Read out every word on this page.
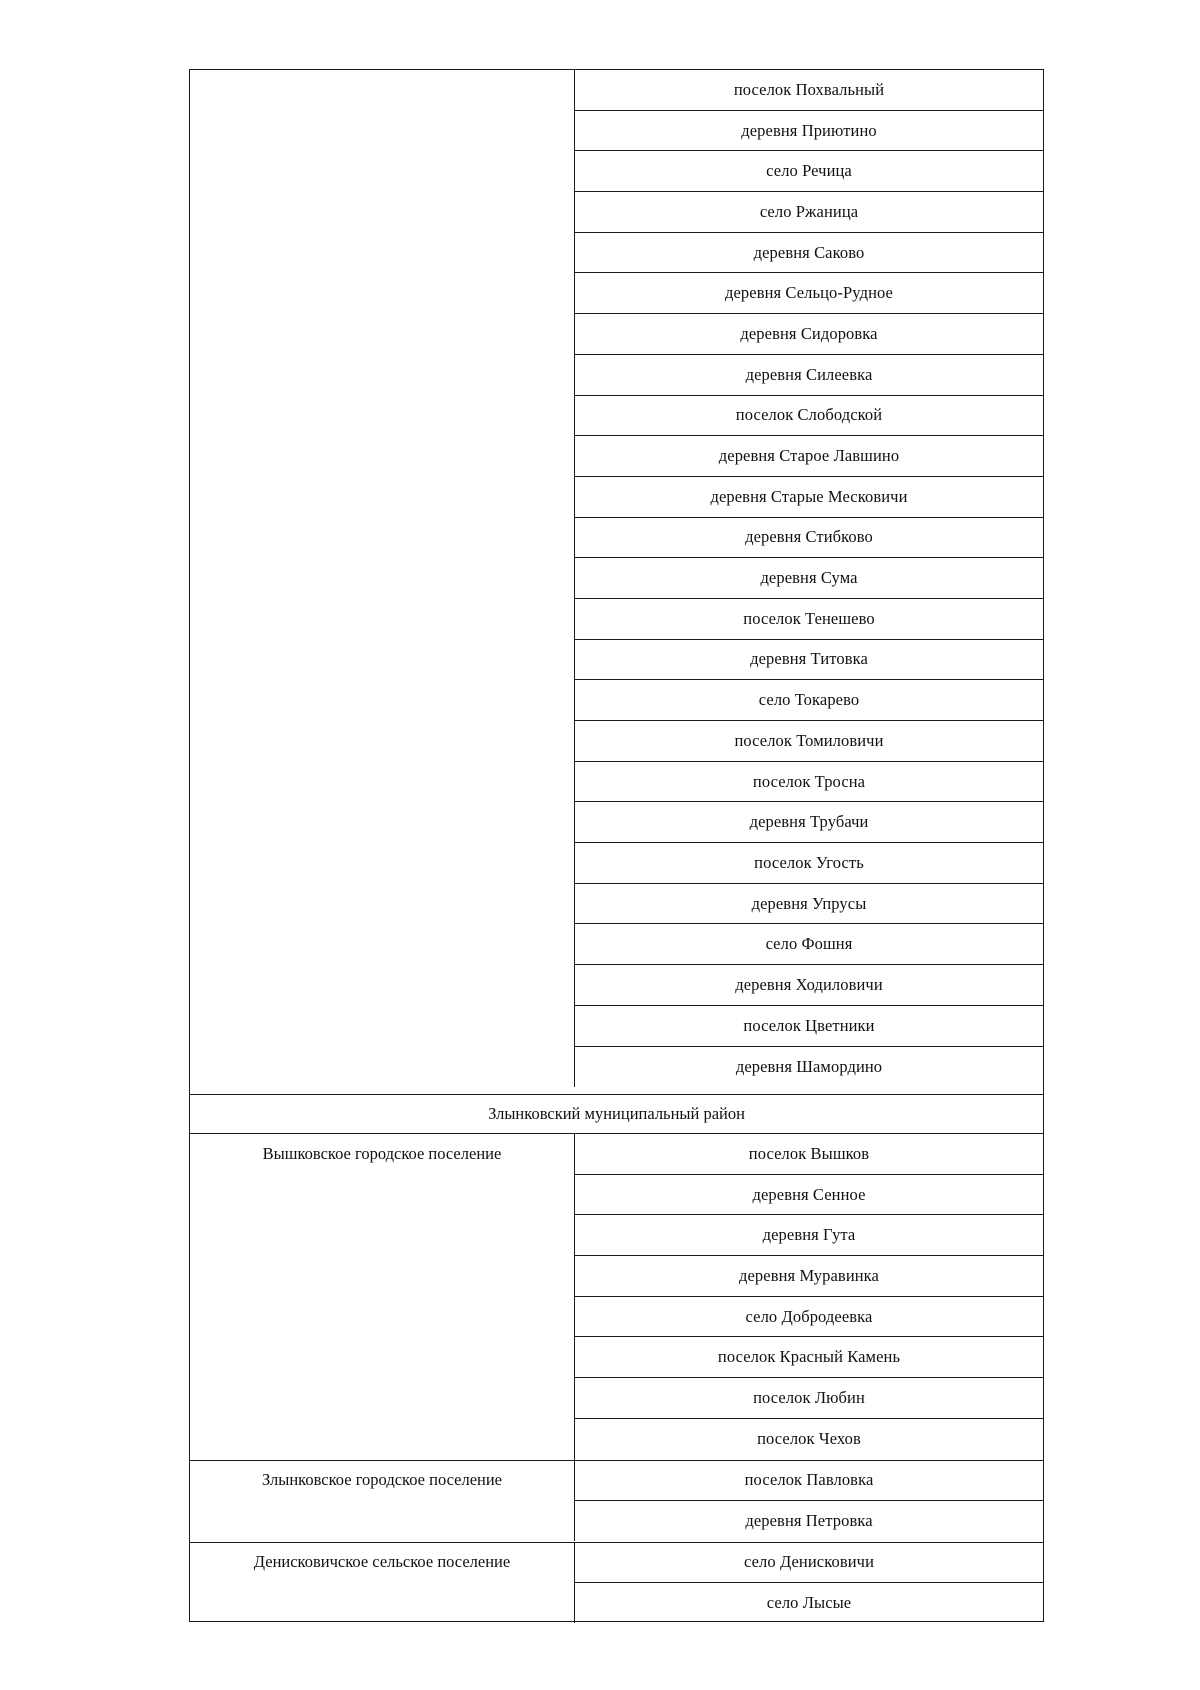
поселок Похвальный
деревня Приютино
село Речица
село Ржаница
деревня Саково
деревня Сельцо-Рудное
деревня Сидоровка
деревня Силеевка
поселок Слободской
деревня Старое Лавшино
деревня Старые Месковичи
деревня Стибково
деревня Сума
поселок Тенешево
деревня Титовка
село Токарево
поселок Томиловичи
поселок Тросна
деревня Трубачи
поселок Угость
деревня Упрусы
село Фошня
деревня Ходиловичи
поселок Цветники
деревня Шамордино
Злынковский муниципальный район
Вышковское городское поселение	поселок Вышков
деревня Сенное
деревня Гута
деревня Муравинка
село Добродеевка
поселок Красный Камень
поселок Любин
поселок Чехов
Злынковское городское поселение	поселок Павловка
деревня Петровка
Денисковичское сельское поселение	село Денисковичи
село Лысые
